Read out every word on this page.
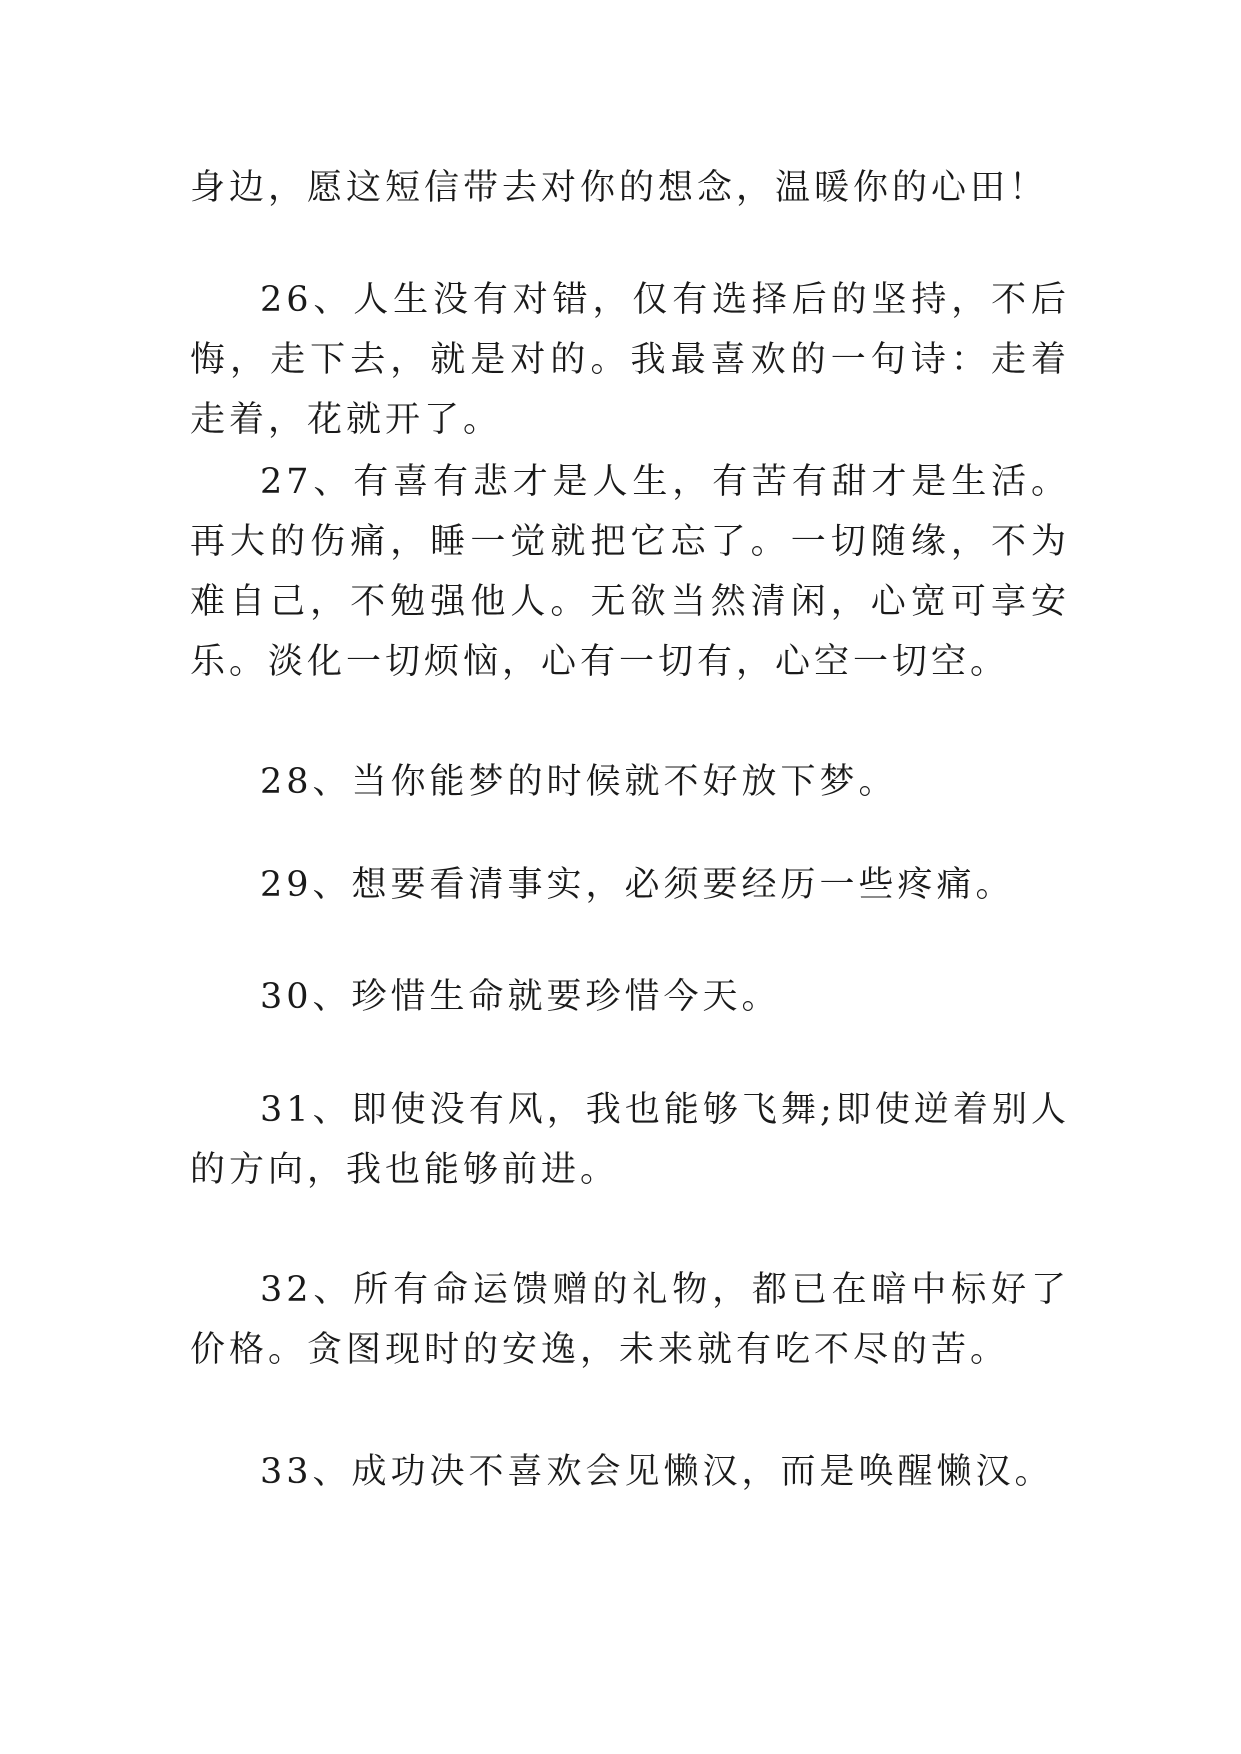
身边，愿这短信带去对你的想念，温暖你的心田！

26、人生没有对错，仅有选择后的坚持，不后悔，走下去，就是对的。我最喜欢的一句诗：走着走着，花就开了。

27、有喜有悲才是人生，有苦有甜才是生活。再大的伤痛，睡一觉就把它忘了。一切随缘，不为难自己，不勉强他人。无欲当然清闲，心宽可享安乐。淡化一切烦恼，心有一切有，心空一切空。

28、当你能梦的时候就不好放下梦。

29、想要看清事实，必须要经历一些疼痛。

30、珍惜生命就要珍惜今天。

31、即使没有风，我也能够飞舞;即使逆着别人的方向，我也能够前进。

32、所有命运馈赠的礼物，都已在暗中标好了价格。贪图现时的安逸，未来就有吃不尽的苦。

33、成功决不喜欢会见懒汉，而是唤醒懒汉。
